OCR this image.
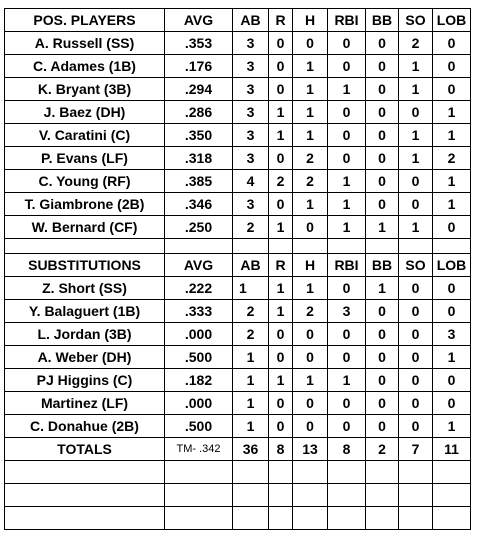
POS. PLAYERS	AVG	AB	R	H	RBI	BB	SO	LOB
A. Russell (SS)	.353	3	0	0	0	0	2	0
C. Adames (1B)	.176	3	0	1	0	0	1	0
K. Bryant (3B)	.294	3	0	1	1	0	1	0
J. Baez (DH)	.286	3	1	1	0	0	0	1
V. Caratini (C)	.350	3	1	1	0	0	1	1
P. Evans (LF)	.318	3	0	2	0	0	1	2
C. Young (RF)	.385	4	2	2	1	0	0	1
T. Giambrone (2B)	.346	3	0	1	1	0	0	1
W. Bernard (CF)	.250	2	1	0	1	1	1	0

SUBSTITUTIONS	AVG	AB	R	H	RBI	BB	SO	LOB
Z. Short (SS)	.222	1	1	1	0	1	0	0
Y. Balaguert (1B)	.333	2	1	2	3	0	0	0
L. Jordan (3B)	.000	2	0	0	0	0	0	3
A. Weber (DH)	.500	1	0	0	0	0	0	1
PJ Higgins (C)	.182	1	1	1	1	0	0	0
Martinez (LF)	.000	1	0	0	0	0	0	0
C. Donahue (2B)	.500	1	0	0	0	0	0	1
TOTALS	TM- .342	36	8	13	8	2	7	11
